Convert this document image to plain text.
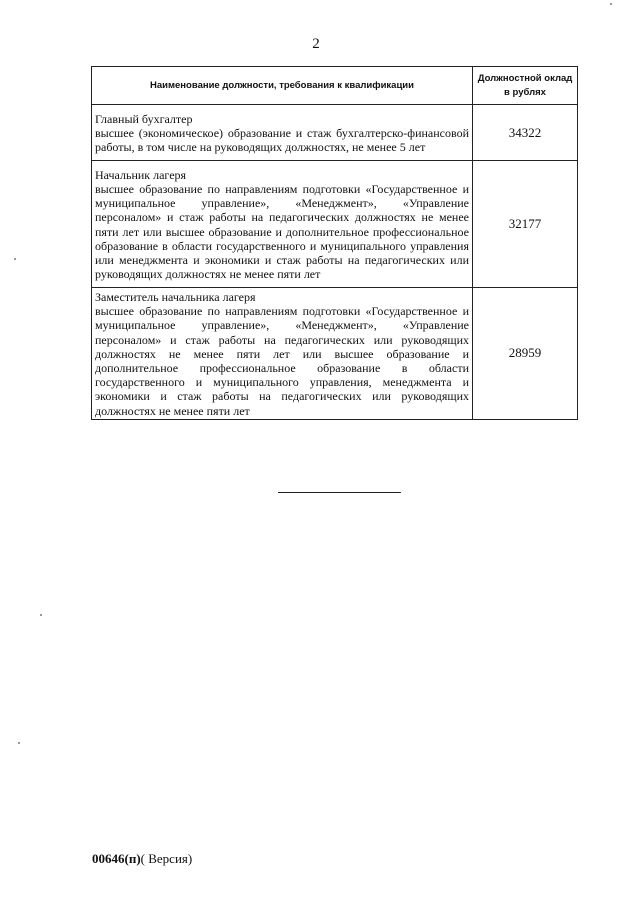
2
Наименование должности, требования к квалификации	Должностной оклад в рублях

Главный бухгалтер
высшее (экономическое) образование и стаж бухгалтерско-финансовой работы, в том числе на руководящих должностях, не менее 5 лет	34322

Начальник лагеря
высшее образование по направлениям подготовки «Государственное и муниципальное управление», «Менеджмент», «Управление персоналом» и стаж работы на педагогических должностях не менее пяти лет или высшее образование и дополнительное профессиональное образование в области государственного и муниципального управления или менеджмента и экономики и стаж работы на педагогических или руководящих должностях не менее пяти лет	32177

Заместитель начальника лагеря
высшее образование по направлениям подготовки «Государственное и муниципальное управление», «Менеджмент», «Управление персоналом» и стаж работы на педагогических или руководящих должностях не менее пяти лет или высшее образование и дополнительное профессиональное образование в области государственного и муниципального управления, менеджмента и экономики и стаж работы на педагогических или руководящих должностях не менее пяти лет	28959
00646(п)( Версия)
